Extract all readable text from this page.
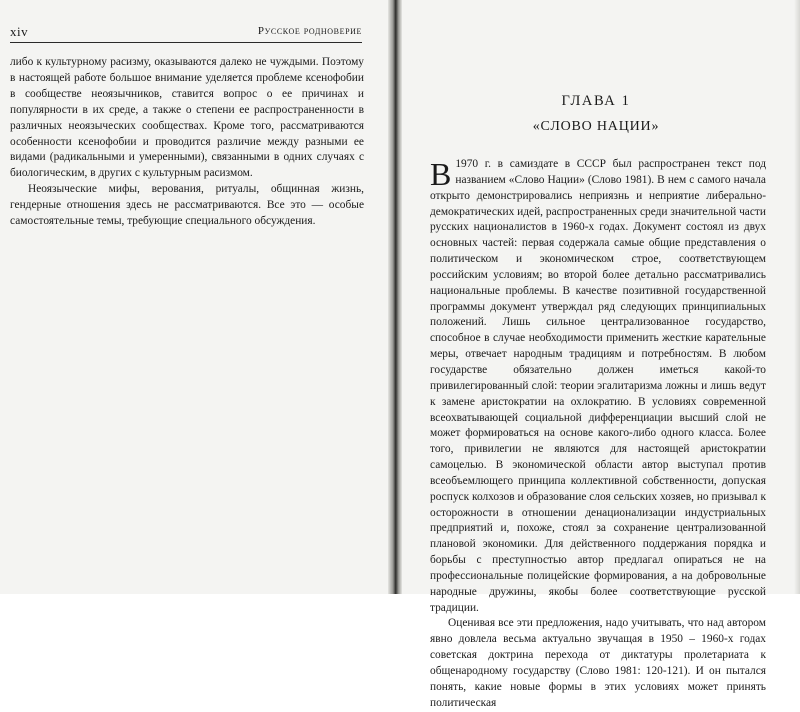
xiv	Русское родноверие

либо к культурному расизму, оказываются далеко не чуждыми. Поэтому в настоящей работе большое внимание уделяется проблеме ксенофобии в сообществе неоязычников, ставится вопрос о ее причинах и популярности в их среде, а также о степени ее распространенности в различных неоязыческих сообществах. Кроме того, рассматриваются особенности ксенофобии и проводится различие между разными ее видами (радикальными и умеренными), связанными в одних случаях с биологическим, в других с культурным расизмом.

Неоязыческие мифы, верования, ритуалы, общинная жизнь, гендерные отношения здесь не рассматриваются. Все это — особые самостоятельные темы, требующие специального обсуждения.

ГЛАВА 1
«СЛОВО НАЦИИ»

В 1970 г. в самиздате в СССР был распространен текст под названием «Слово Нации» (Слово 1981). В нем с самого начала открыто демонстрировались неприязнь и неприятие либерально-демократических идей, распространенных среди значительной части русских националистов в 1960-х годах. Документ состоял из двух основных частей: первая содержала самые общие представления о политическом и экономическом строе, соответствующем российским условиям; во второй более детально рассматривались национальные проблемы. В качестве позитивной государственной программы документ утверждал ряд следующих принципиальных положений. Лишь сильное централизованное государство, способное в случае необходимости применить жесткие карательные меры, отвечает народным традициям и потребностям. В любом государстве обязательно должен иметься какой-то привилегированный слой: теории эгалитаризма ложны и лишь ведут к замене аристократии на охлократию. В условиях современной всеохватывающей социальной дифференциации высший слой не может формироваться на основе какого-либо одного класса. Более того, привилегии не являются для настоящей аристократии самоцелью. В экономической области автор выступал против всеобъемлющего принципа коллективной собственности, допуская роспуск колхозов и образование слоя сельских хозяев, но призывал к осторожности в отношении денационализации индустриальных предприятий и, похоже, стоял за сохранение централизованной плановой экономики. Для действенного поддержания порядка и борьбы с преступностью автор предлагал опираться не на профессиональные полицейские формирования, а на добровольные народные дружины, якобы более соответствующие русской традиции.

Оценивая все эти предложения, надо учитывать, что над автором явно довлела весьма актуально звучащая в 1950 – 1960-х годах советская доктрина перехода от диктатуры пролетариата к общенародному государству (Слово 1981: 120-121). И он пытался понять, какие новые формы в этих условиях может принять политическая
